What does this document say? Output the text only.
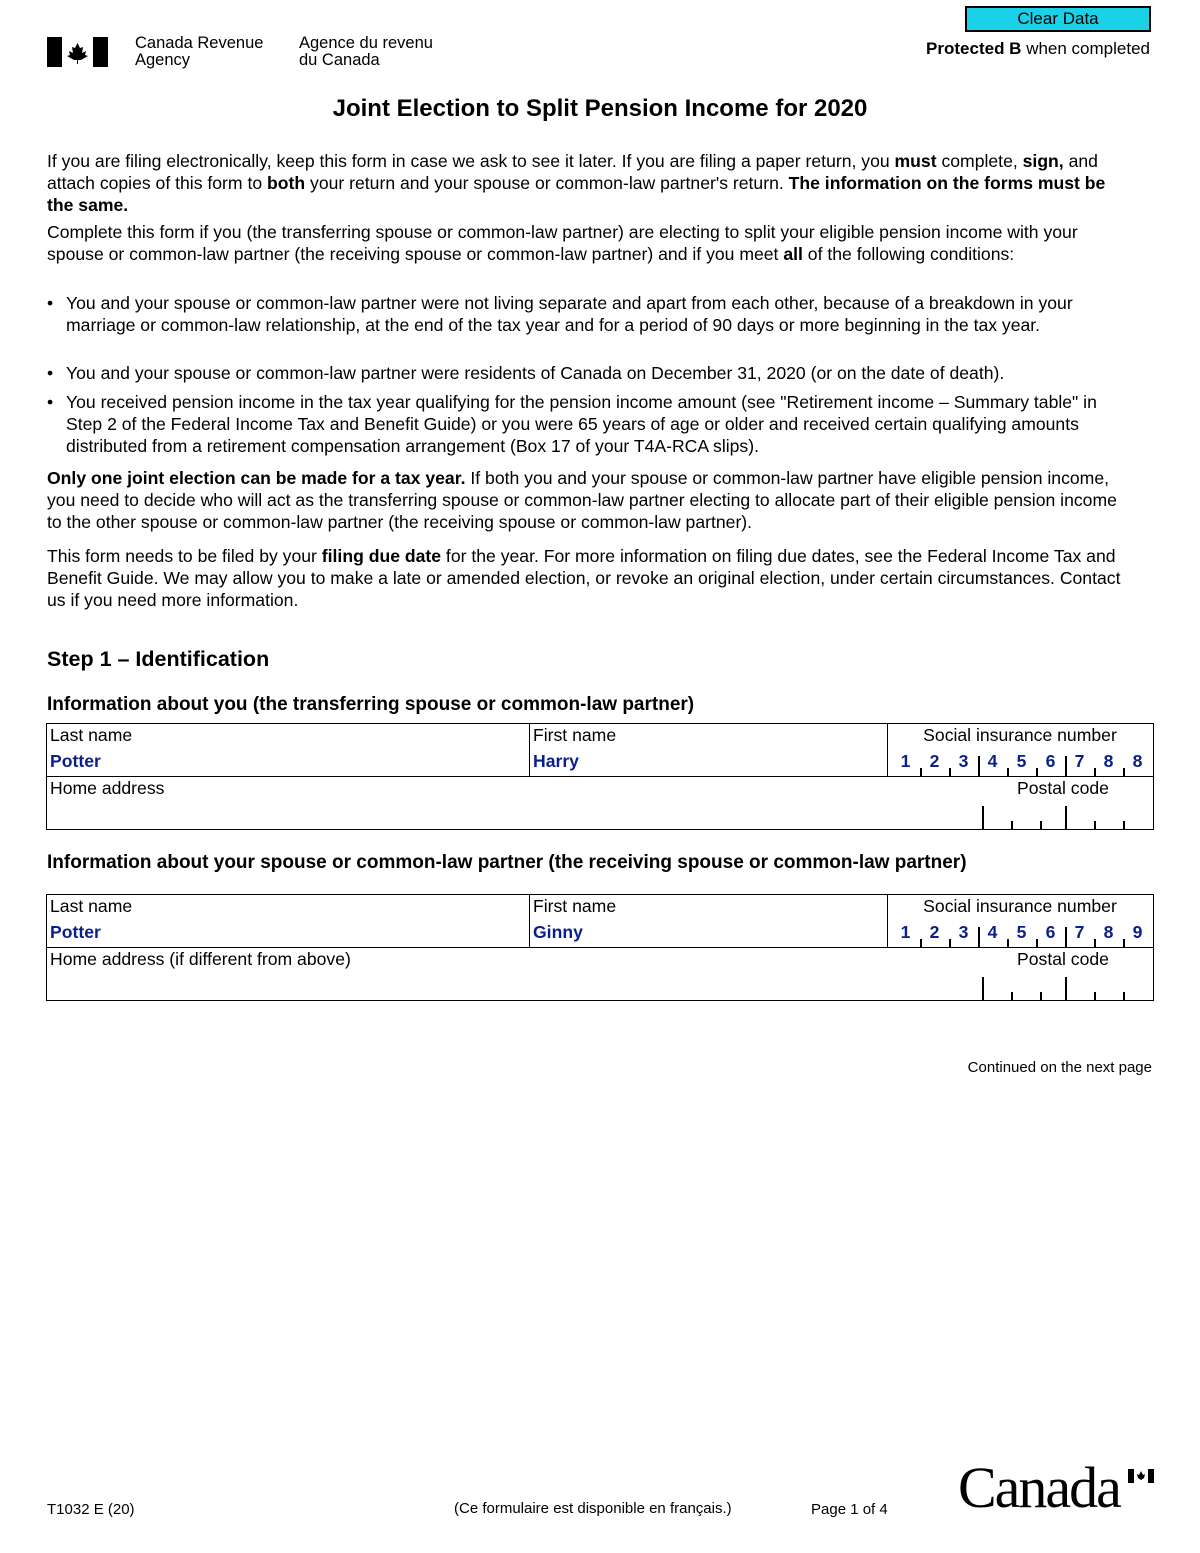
Clear Data
Canada Revenue
Agency
Agence du revenu
du Canada
Protected B when completed
Joint Election to Split Pension Income for 2020
If you are filing electronically, keep this form in case we ask to see it later. If you are filing a paper return, you must complete, sign, and attach copies of this form to both your return and your spouse or common-law partner's return. The information on the forms must be the same.
Complete this form if you (the transferring spouse or common-law partner) are electing to split your eligible pension income with your spouse or common-law partner (the receiving spouse or common-law partner) and if you meet all of the following conditions:
• You and your spouse or common-law partner were not living separate and apart from each other, because of a breakdown in your marriage or common-law relationship, at the end of the tax year and for a period of 90 days or more beginning in the tax year.
• You and your spouse or common-law partner were residents of Canada on December 31, 2020 (or on the date of death).
• You received pension income in the tax year qualifying for the pension income amount (see "Retirement income – Summary table" in Step 2 of the Federal Income Tax and Benefit Guide) or you were 65 years of age or older and received certain qualifying amounts distributed from a retirement compensation arrangement (Box 17 of your T4A-RCA slips).
Only one joint election can be made for a tax year. If both you and your spouse or common-law partner have eligible pension income, you need to decide who will act as the transferring spouse or common-law partner electing to allocate part of their eligible pension income to the other spouse or common-law partner (the receiving spouse or common-law partner).
This form needs to be filed by your filing due date for the year. For more information on filing due dates, see the Federal Income Tax and Benefit Guide. We may allow you to make a late or amended election, or revoke an original election, under certain circumstances. Contact us if you need more information.
Step 1 – Identification
Information about you (the transferring spouse or common-law partner)
Last name
Potter
First name
Harry
Social insurance number
1	2	3	4	5	6	7	8	8
Home address	Postal code
Information about your spouse or common-law partner (the receiving spouse or common-law partner)
Last name
Potter
First name
Ginny
Social insurance number
1	2	3	4	5	6	7	8	9
Home address (if different from above)	Postal code
Continued on the next page
T1032 E (20)	(Ce formulaire est disponible en français.)	Page 1 of 4 Canada
